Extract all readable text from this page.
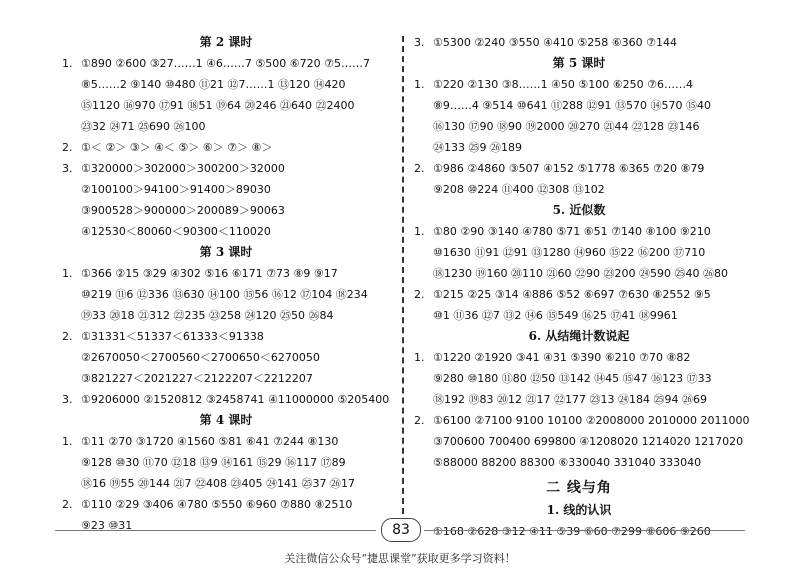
第 2 课时
1. ①890 ②600 ③27……1 ④6……7 ⑤500 ⑥720 ⑦5……7
⑧5……2 ⑨140 ⑩480 ⑪21 ⑫7……1 ⑬120 ⑭420
⑮1120 ⑯970 ⑰91 ⑱51 ⑲64 ⑳246 ㉑640 ㉒2400
㉓32 ㉔71 ㉕690 ㉖100
2. ①＜ ②＞ ③＞ ④＜ ⑤＞ ⑥＞ ⑦＞ ⑧＞
3. ①320000＞302000＞300200＞32000
②100100＞94100＞91400＞89030
③900528＞900000＞200089＞90063
④12530＜80060＜90300＜110020
第 3 课时
1. ①366 ②15 ③29 ④302 ⑤16 ⑥171 ⑦73 ⑧9 ⑨17
⑩219 ⑪6 ⑫336 ⑬630 ⑭100 ⑮56 ⑯12 ⑰104 ⑱234
⑲33 ⑳18 ㉑312 ㉒235 ㉓258 ㉔120 ㉕50 ㉖84
2. ①31331＜51337＜61333＜91338
②2670050＜2700560＜2700650＜6270050
③821227＜2021227＜2122207＜2212207
3. ①9206000 ②1520812 ③2458741 ④11000000 ⑤205400
第 4 课时
1. ①11 ②70 ③1720 ④1560 ⑤81 ⑥41 ⑦244 ⑧130
⑨128 ⑩30 ⑪70 ⑫18 ⑬9 ⑭161 ⑮29 ⑯117 ⑰89
⑱16 ⑲55 ⑳144 ㉑7 ㉒408 ㉓405 ㉔141 ㉕37 ㉖17
2. ①110 ②29 ③406 ④780 ⑤550 ⑥960 ⑦880 ⑧2510
⑨23 ⑩31
3. ①5300 ②240 ③550 ④410 ⑤258 ⑥360 ⑦144
第 5 课时
1. ①220 ②130 ③8……1 ④50 ⑤100 ⑥250 ⑦6……4
⑧9……4 ⑨514 ⑩641 ⑪288 ⑫91 ⑬570 ⑭570 ⑮40
⑯130 ⑰90 ⑱90 ⑲2000 ⑳270 ㉑44 ㉒128 ㉓146
㉔133 ㉕9 ㉖189
2. ①986 ②4860 ③507 ④152 ⑤1778 ⑥365 ⑦20 ⑧79
⑨208 ⑩224 ⑪400 ⑫308 ⑬102
5. 近似数
1. ①80 ②90 ③140 ④780 ⑤71 ⑥51 ⑦140 ⑧100 ⑨210
⑩1630 ⑪91 ⑫91 ⑬1280 ⑭960 ⑮22 ⑯200 ⑰710
⑱1230 ⑲160 ⑳110 ㉑60 ㉒90 ㉓200 ㉔590 ㉕40 ㉖80
2. ①215 ②25 ③14 ④886 ⑤52 ⑥697 ⑦630 ⑧2552 ⑨5
⑩1 ⑪36 ⑫7 ⑬2 ⑭6 ⑮549 ⑯25 ⑰41 ⑱9961
6. 从结绳计数说起
1. ①1220 ②1920 ③41 ④31 ⑤390 ⑥210 ⑦70 ⑧82
⑨280 ⑩180 ⑪80 ⑫50 ⑬142 ⑭45 ⑮47 ⑯123 ⑰33
⑱192 ⑲83 ⑳12 ㉑17 ㉒177 ㉓13 ㉔184 ㉕94 ㉖69
2. ①6100 ②7100 9100 10100 ②2008000 2010000 2011000
③700600 700400 699800 ④1208020 1214020 1217020
⑤88000 88200 88300 ⑥330040 331040 333040
二 线与角
1. 线的认识
①168 ②628 ③12 ④11 ⑤39 ⑥60 ⑦299 ⑧606 ⑨260
83
关注微信公众号“捷思课堂”获取更多学习资料！
